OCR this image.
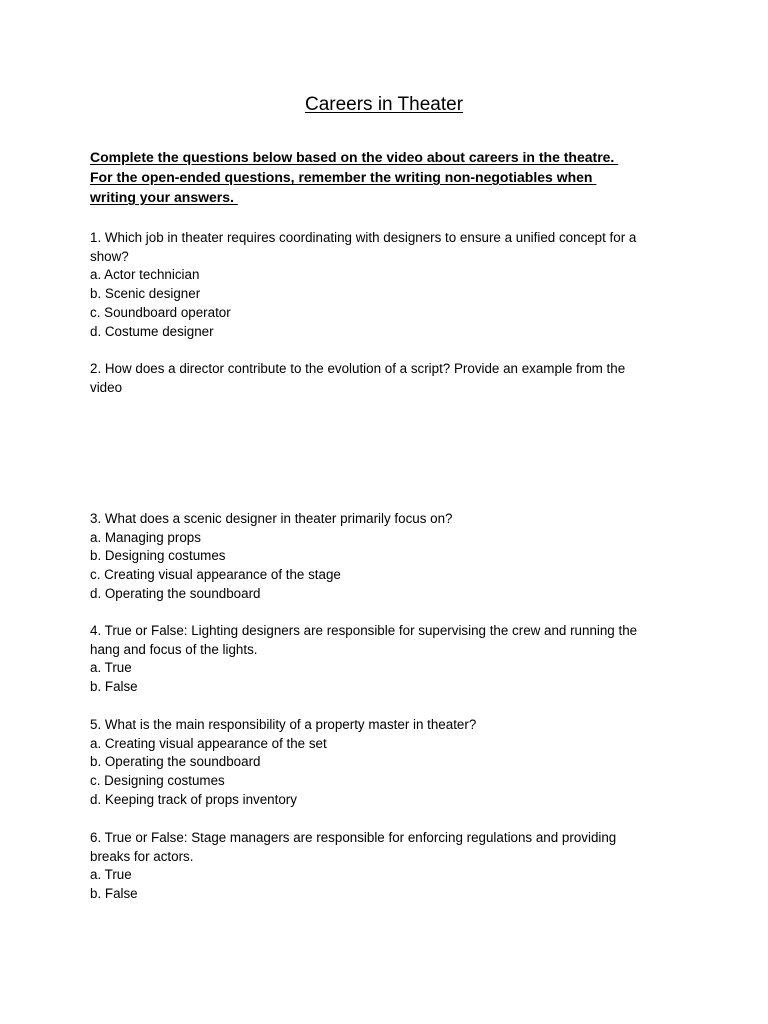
Careers in Theater
Complete the questions below based on the video about careers in the theatre.
For the open-ended questions, remember the writing non-negotiables when
writing your answers.
1. Which job in theater requires coordinating with designers to ensure a unified concept for a
show?
a. Actor technician
b. Scenic designer
c. Soundboard operator
d. Costume designer
2. How does a director contribute to the evolution of a script? Provide an example from the
video
3. What does a scenic designer in theater primarily focus on?
a. Managing props
b. Designing costumes
c. Creating visual appearance of the stage
d. Operating the soundboard
4. True or False: Lighting designers are responsible for supervising the crew and running the
hang and focus of the lights.
a. True
b. False
5. What is the main responsibility of a property master in theater?
a. Creating visual appearance of the set
b. Operating the soundboard
c. Designing costumes
d. Keeping track of props inventory
6. True or False: Stage managers are responsible for enforcing regulations and providing
breaks for actors.
a. True
b. False
